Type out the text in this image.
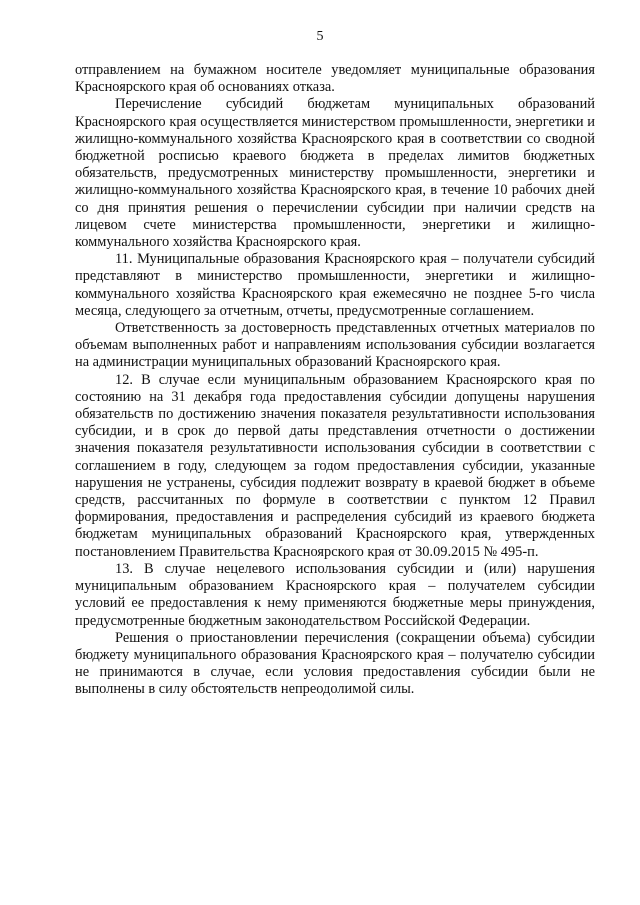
5

отправлением на бумажном носителе уведомляет муниципальные образования Красноярского края об основаниях отказа.

Перечисление субсидий бюджетам муниципальных образований Красноярского края осуществляется министерством промышленности, энергетики и жилищно-коммунального хозяйства Красноярского края в соответствии со сводной бюджетной росписью краевого бюджета в пределах лимитов бюджетных обязательств, предусмотренных министерству промышленности, энергетики и жилищно-коммунального хозяйства Красноярского края, в течение 10 рабочих дней со дня принятия решения о перечислении субсидии при наличии средств на лицевом счете министерства промышленности, энергетики и жилищно-коммунального хозяйства Красноярского края.

11. Муниципальные образования Красноярского края – получатели субсидий представляют в министерство промышленности, энергетики и жилищно-коммунального хозяйства Красноярского края ежемесячно не позднее 5-го числа месяца, следующего за отчетным, отчеты, предусмотренные соглашением.

Ответственность за достоверность представленных отчетных материалов по объемам выполненных работ и направлениям использования субсидии возлагается на администрации муниципальных образований Красноярского края.

12. В случае если муниципальным образованием Красноярского края по состоянию на 31 декабря года предоставления субсидии допущены нарушения обязательств по достижению значения показателя результативности использования субсидии, и в срок до первой даты представления отчетности о достижении значения показателя результативности использования субсидии в соответствии с соглашением в году, следующем за годом предоставления субсидии, указанные нарушения не устранены, субсидия подлежит возврату в краевой бюджет в объеме средств, рассчитанных по формуле в соответствии с пунктом 12 Правил формирования, предоставления и распределения субсидий из краевого бюджета бюджетам муниципальных образований Красноярского края, утвержденных постановлением Правительства Красноярского края от 30.09.2015 № 495-п.

13. В случае нецелевого использования субсидии и (или) нарушения муниципальным образованием Красноярского края – получателем субсидии условий ее предоставления к нему применяются бюджетные меры принуждения, предусмотренные бюджетным законодательством Российской Федерации.

Решения о приостановлении перечисления (сокращении объема) субсидии бюджету муниципального образования Красноярского края – получателю субсидии не принимаются в случае, если условия предоставления субсидии были не выполнены в силу обстоятельств непреодолимой силы.
